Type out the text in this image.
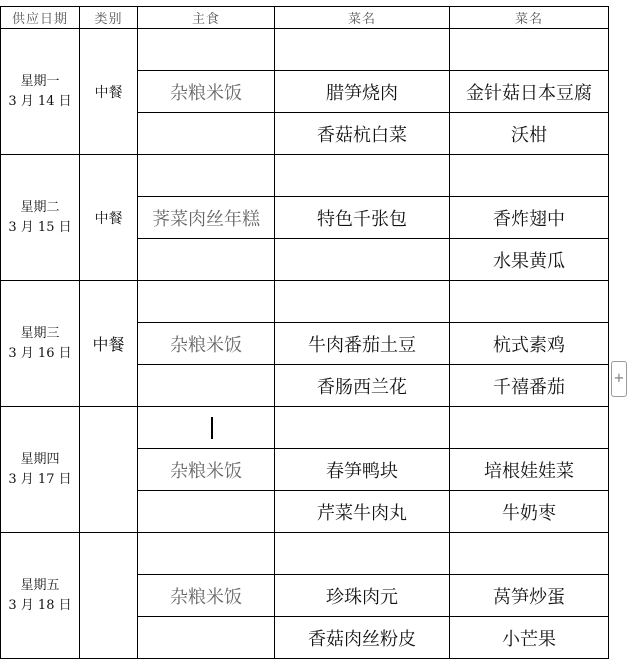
供应日期	类别	主食	菜名	菜名

星期一
3 月 14 日	中餐			
		杂粮米饭	腊笋烧肉	金针菇日本豆腐
			香菇杭白菜	沃柑

星期二
3 月 15 日	中餐			
		荠菜肉丝年糕	特色千张包	香炸翅中
				水果黄瓜

星期三
3 月 16 日	中餐			
		杂粮米饭	牛肉番茄土豆	杭式素鸡
			香肠西兰花	千禧番茄

星期四
3 月 17 日				

		杂粮米饭	春笋鸭块	培根娃娃菜
			芹菜牛肉丸	牛奶枣

星期五
3 月 18 日				

		杂粮米饭	珍珠肉元	莴笋炒蛋
			香菇肉丝粉皮	小芒果
+
